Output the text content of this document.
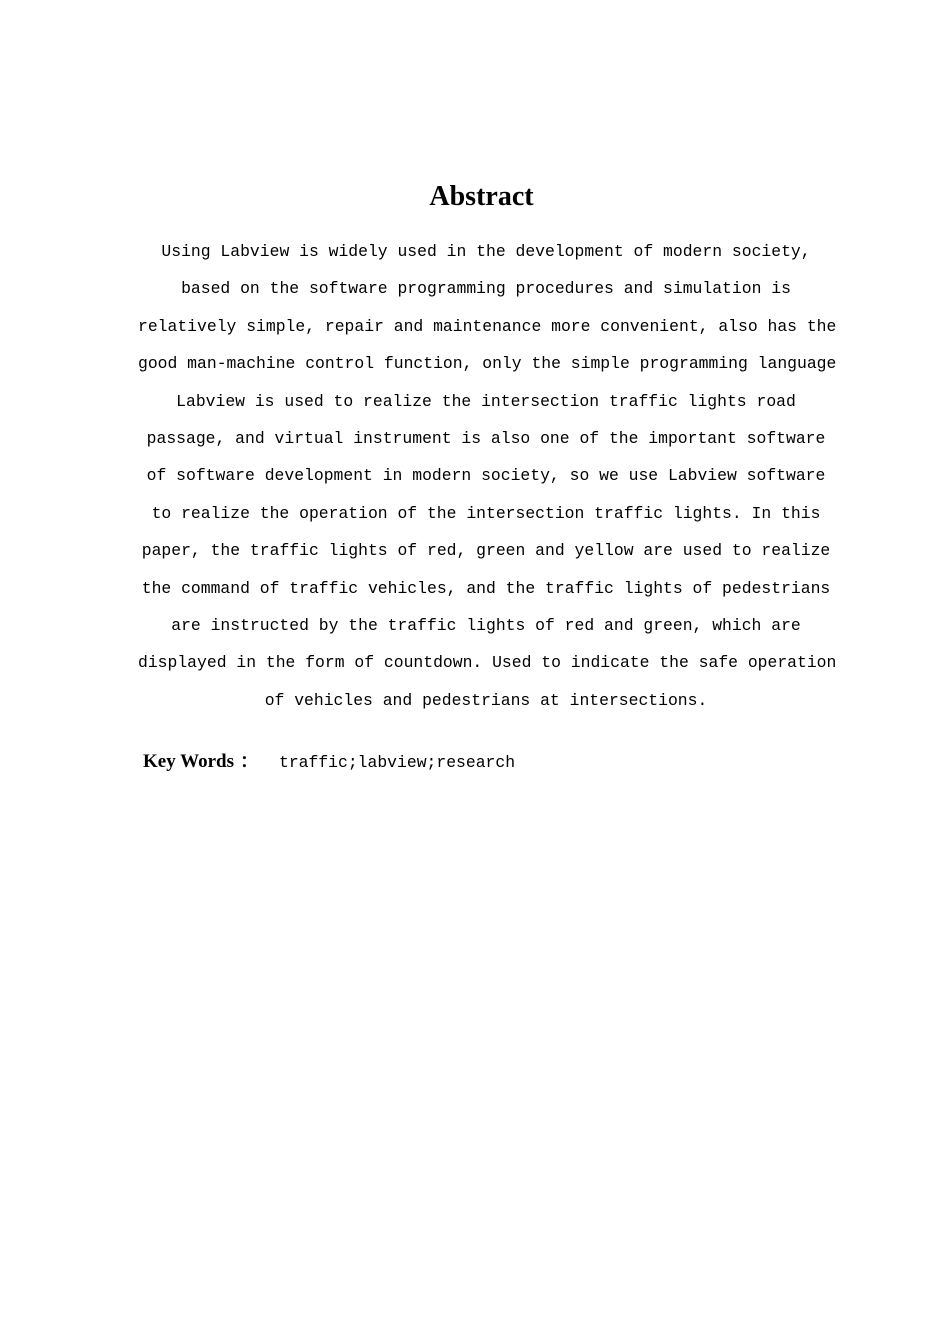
Abstract
Using Labview is widely used in the development of modern society,
based on the software programming procedures and simulation is
relatively simple, repair and maintenance more convenient, also has the
good man-machine control function, only the simple programming language
Labview is used to realize the intersection traffic lights road
passage, and virtual instrument is also one of the important software
of software development in modern society, so we use Labview software
to realize the operation of the intersection traffic lights. In this
paper, the traffic lights of red, green and yellow are used to realize
the command of traffic vehicles, and the traffic lights of pedestrians
are instructed by the traffic lights of red and green, which are
displayed in the form of countdown. Used to indicate the safe operation
of vehicles and pedestrians at intersections.
Key Words ： traffic;labview;research
